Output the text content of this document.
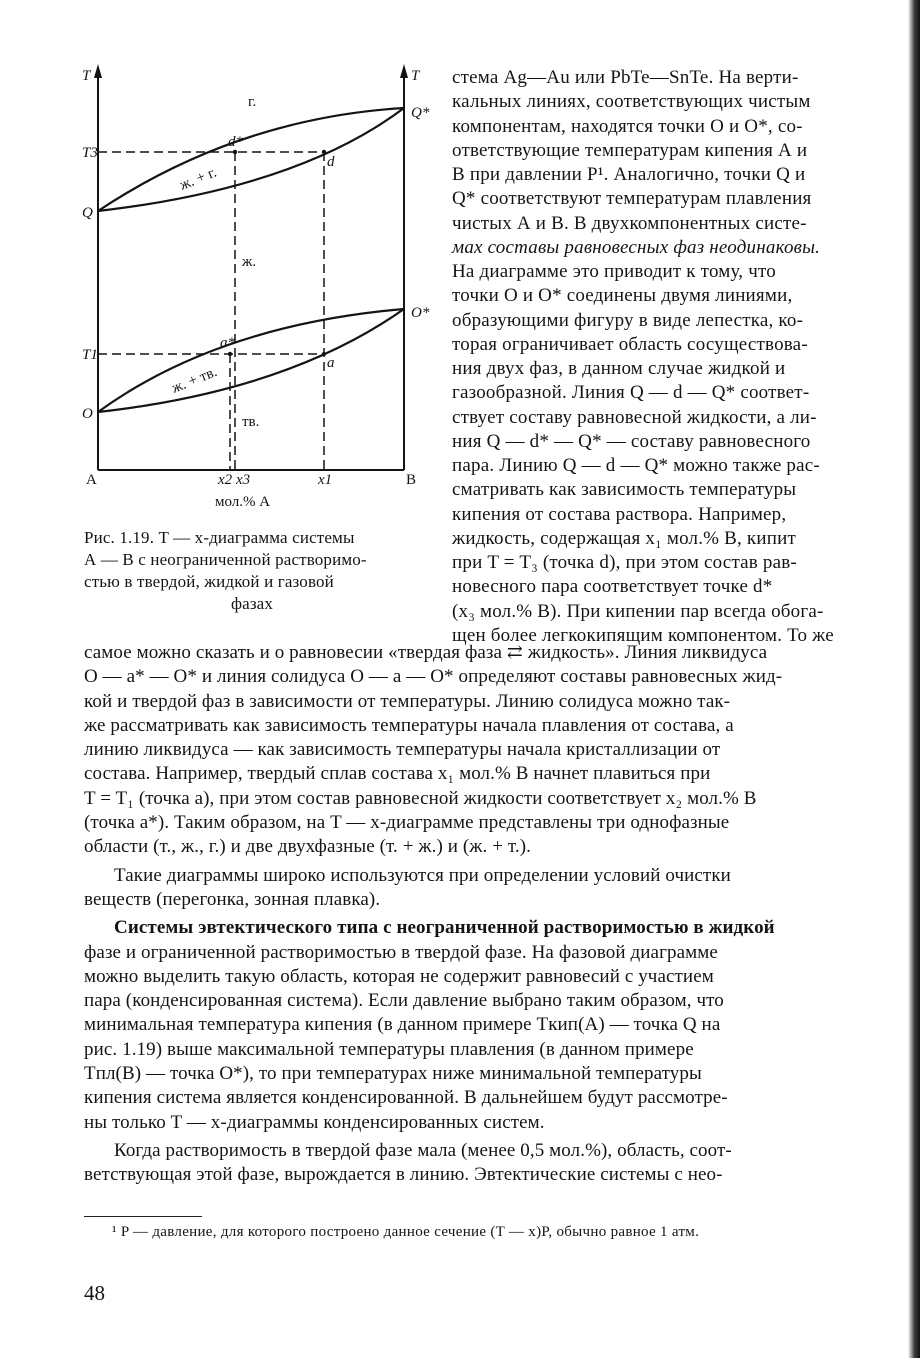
T	T
г.
ж.
тв.
ж. + г.
ж. + тв.
Q*
O*
T3
T1
Q
O
d*
d
a*
a
A	B
x2 x3	x1
мол.% А
Рис. 1.19. T — x-диаграмма системы
А — В с неограниченной растворимо-
стью в твердой, жидкой и газовой
фазах

стема Ag—Au или PbTe—SnTe. На верти-

кальных линиях, соответствующих чистым

компонентам, находятся точки O и O*, со-

ответствующие температурам кипения А и

В при давлении P¹. Аналогично, точки Q и

Q* соответствуют температурам плавления

чистых А и В. В двухкомпонентных систе-

мах составы равновесных фаз неодинаковы.

На диаграмме это приводит к тому, что

точки O и O* соединены двумя линиями,

образующими фигуру в виде лепестка, ко-

торая ограничивает область сосуществова-

ния двух фаз, в данном случае жидкой и

газообразной. Линия Q — d — Q* соответ-

ствует составу равновесной жидкости, а ли-

ния Q — d* — Q* — составу равновесного

пара. Линию Q — d — Q* можно также рас-

сматривать как зависимость температуры

кипения от состава раствора. Например,

жидкость, содержащая x₁ мол.% В, кипит

при T = T₃ (точка d), при этом состав рав-

новесного пара соответствует точке d*

(x₃ мол.% В). При кипении пар всегда обога-

щен более легкокипящим компонентом. То же

самое можно сказать и о равновесии «твердая фаза ⇄ жидкость». Линия ликвидуса

O — a* — O* и линия солидуса O — a — O* определяют составы равновесных жид-

кой и твердой фаз в зависимости от температуры. Линию солидуса можно так-

же рассматривать как зависимость температуры начала плавления от состава, а

линию ликвидуса — как зависимость температуры начала кристаллизации от

состава. Например, твердый сплав состава x₁ мол.% В начнет плавиться при

T = T₁ (точка a), при этом состав равновесной жидкости соответствует x₂ мол.% В

(точка a*). Таким образом, на T — x-диаграмме представлены три однофазные

области (т., ж., г.) и две двухфазные (т. + ж.) и (ж. + т.).

Такие диаграммы широко используются при определении условий очистки

веществ (перегонка, зонная плавка).

Системы эвтектического типа с неограниченной растворимостью в жидкой

фазе и ограниченной растворимостью в твердой фазе. На фазовой диаграмме

можно выделить такую область, которая не содержит равновесий с участием

пара (конденсированная система). Если давление выбрано таким образом, что

минимальная температура кипения (в данном примере Tкип(А) — точка Q на

рис. 1.19) выше максимальной температуры плавления (в данном примере

Tпл(В) — точка O*), то при температурах ниже минимальной температуры

кипения система является конденсированной. В дальнейшем будут рассмотре-

ны только T — x-диаграммы конденсированных систем.

Когда растворимость в твердой фазе мала (менее 0,5 мол.%), область, соот-

ветствующая этой фазе, вырождается в линию. Эвтектические системы с нео-

¹ P — давление, для которого построено данное сечение (T — x)P, обычно равное 1 атм.
48
